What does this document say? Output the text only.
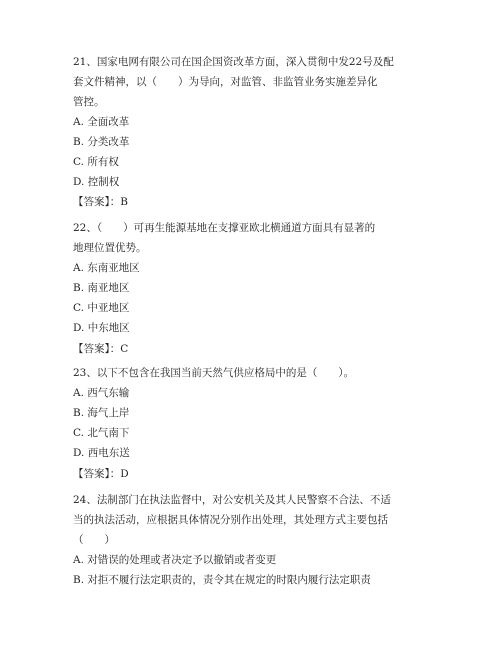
21、国家电网有限公司在国企国资改革方面，深入贯彻中发22号及配
套文件精神，以（　　）为导向，对监管、非监管业务实施差异化
管控。
A. 全面改革
B. 分类改革
C. 所有权
D. 控制权
【答案】：B
22、（　　）可再生能源基地在支撑亚欧北横通道方面具有显著的
地理位置优势。
A. 东南亚地区
B. 南亚地区
C. 中亚地区
D. 中东地区
【答案】：C
23、以下不包含在我国当前天然气供应格局中的是（　　）。
A. 西气东输
B. 海气上岸
C. 北气南下
D. 西电东送
【答案】：D
24、法制部门在执法监督中，对公安机关及其人民警察不合法、不适
当的执法活动，应根据具体情况分别作出处理，其处理方式主要包括
（　　）
A. 对错误的处理或者决定予以撤销或者变更
B. 对拒不履行法定职责的，责令其在规定的时限内履行法定职责
